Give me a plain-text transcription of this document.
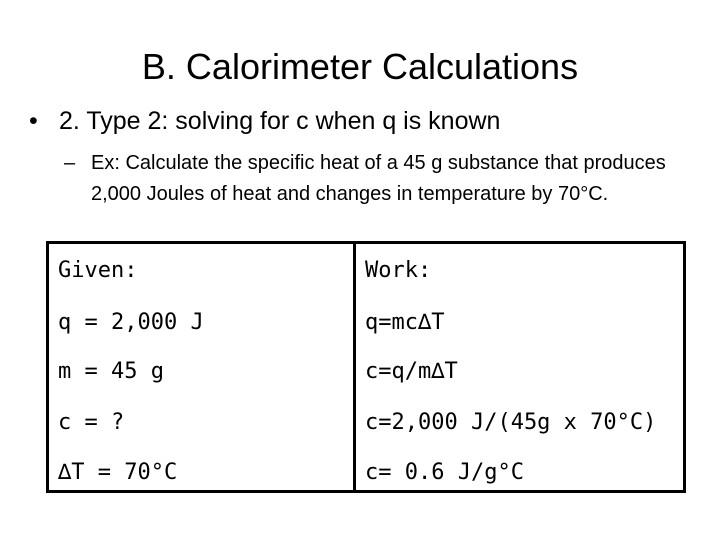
B. Calorimeter Calculations

• 2. Type 2: solving for c when q is known

– Ex: Calculate the specific heat of a 45 g substance that produces 2,000 Joules of heat and changes in temperature by 70°C.

Given:	Work:
q = 2,000 J
m = 45 g
c = ?
∆T = 70°C
q=mc∆T
c=q/m∆T
c=2,000 J/(45g x 70°C)
c= 0.6 J/g°C
